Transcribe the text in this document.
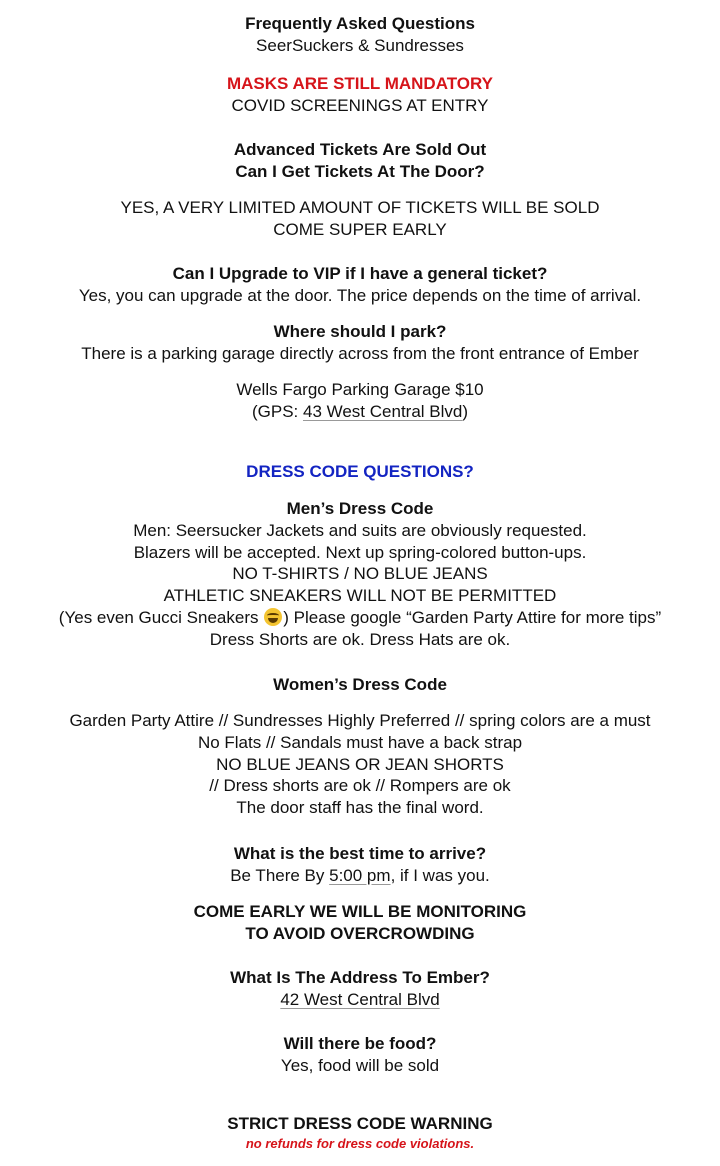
Frequently Asked Questions
SeerSuckers & Sundresses
MASKS ARE STILL MANDATORY
COVID SCREENINGS AT ENTRY
Advanced Tickets Are Sold Out
Can I Get Tickets At The Door?
YES, A VERY LIMITED AMOUNT OF TICKETS WILL BE SOLD
COME SUPER EARLY
Can I Upgrade to VIP if I have a general ticket?
Yes, you can upgrade at the door. The price depends on the time of arrival.
Where should I park?
There is a parking garage directly across from the front entrance of Ember
Wells Fargo Parking Garage $10
(GPS: 43 West Central Blvd)
DRESS CODE QUESTIONS?
Men’s Dress Code
Men: Seersucker Jackets and suits are obviously requested.
Blazers will be accepted. Next up spring-colored button-ups.
NO T-SHIRTS / NO BLUE JEANS
ATHLETIC SNEAKERS WILL NOT BE PERMITTED
(Yes even Gucci Sneakers ) Please google “Garden Party Attire for more tips”
Dress Shorts are ok. Dress Hats are ok.
Women’s Dress Code
Garden Party Attire // Sundresses Highly Preferred // spring colors are a must
No Flats // Sandals must have a back strap
NO BLUE JEANS OR JEAN SHORTS
// Dress shorts are ok // Rompers are ok
The door staff has the final word.
What is the best time to arrive?
Be There By 5:00 pm, if I was you.
COME EARLY WE WILL BE MONITORING
TO AVOID OVERCROWDING
What Is The Address To Ember?
42 West Central Blvd
Will there be food?
Yes, food will be sold
STRICT DRESS CODE WARNING
no refunds for dress code violations.
